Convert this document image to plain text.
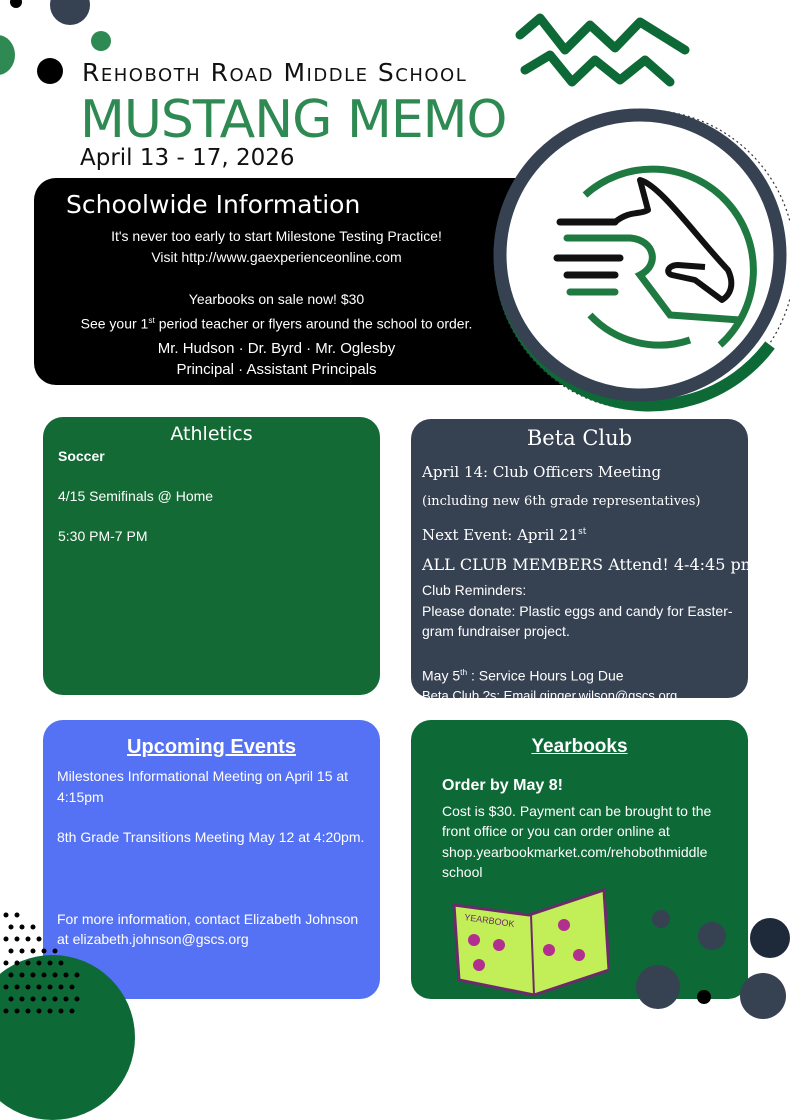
Rehoboth Road Middle School
MUSTANG MEMO
April 13 - 17, 2026
Schoolwide Information
It's never too early to start Milestone Testing Practice!
Visit http://www.gaexperienceonline.com
Yearbooks on sale now! $30
See your 1st period teacher or flyers around the school to order.
Mr. Hudson · Dr. Byrd · Mr. Oglesby
Principal · Assistant Principals
Athletics
Soccer
4/15 Semifinals @ Home
5:30 PM-7 PM
Beta Club
April 14: Club Officers Meeting
(including new 6th grade representatives)
Next Event: April 21st
ALL CLUB MEMBERS Attend! 4-4:45 pm
Club Reminders:
Please donate: Plastic eggs and candy for Easter-gram fundraiser project.
May 5th : Service Hours Log Due
Beta Club ?s: Email ginger.wilson@gscs.org
Upcoming Events
Milestones Informational Meeting on April 15 at 4:15pm
8th Grade Transitions Meeting May 12 at 4:20pm.
For more information, contact Elizabeth Johnson at elizabeth.johnson@gscs.org
Yearbooks
Order by May 8!
Cost is $30. Payment can be brought to the front office or you can order online at shop.yearbookmarket.com/rehobothmiddle school
YEARBOOK
